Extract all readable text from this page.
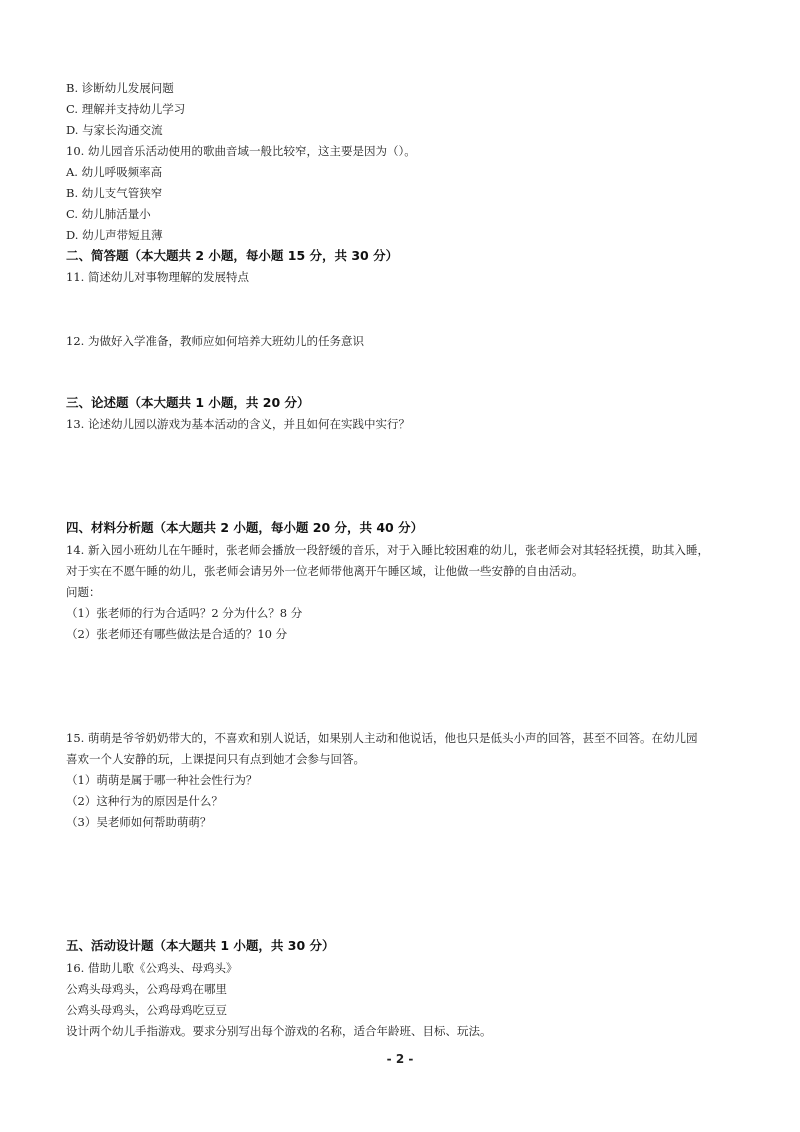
B. 诊断幼儿发展问题
C. 理解并支持幼儿学习
D. 与家长沟通交流
10. 幼儿园音乐活动使用的歌曲音域一般比较窄，这主要是因为（）。
A. 幼儿呼吸频率高
B. 幼儿支气管狭窄
C. 幼儿肺活量小
D. 幼儿声带短且薄
二、简答题（本大题共 2 小题，每小题 15 分，共 30 分）
11. 简述幼儿对事物理解的发展特点
12. 为做好入学准备，教师应如何培养大班幼儿的任务意识
三、论述题（本大题共 1 小题，共 20 分）
13. 论述幼儿园以游戏为基本活动的含义，并且如何在实践中实行？
四、材料分析题（本大题共 2 小题，每小题 20 分，共 40 分）
14. 新入园小班幼儿在午睡时，张老师会播放一段舒缓的音乐，对于入睡比较困难的幼儿，张老师会对其轻轻抚摸，助其入睡，
对于实在不愿午睡的幼儿，张老师会请另外一位老师带他离开午睡区域，让他做一些安静的自由活动。
问题：
（1）张老师的行为合适吗？2 分为什么？8 分
（2）张老师还有哪些做法是合适的？10 分
15. 萌萌是爷爷奶奶带大的，不喜欢和别人说话，如果别人主动和他说话，他也只是低头小声的回答，甚至不回答。在幼儿园
喜欢一个人安静的玩，上课提问只有点到她才会参与回答。
（1）萌萌是属于哪一种社会性行为？
（2）这种行为的原因是什么？
（3）吴老师如何帮助萌萌？
五、活动设计题（本大题共 1 小题，共 30 分）
16. 借助儿歌《公鸡头、母鸡头》
公鸡头母鸡头，公鸡母鸡在哪里
公鸡头母鸡头，公鸡母鸡吃豆豆
设计两个幼儿手指游戏。要求分别写出每个游戏的名称，适合年龄班、目标、玩法。
- 2 -
